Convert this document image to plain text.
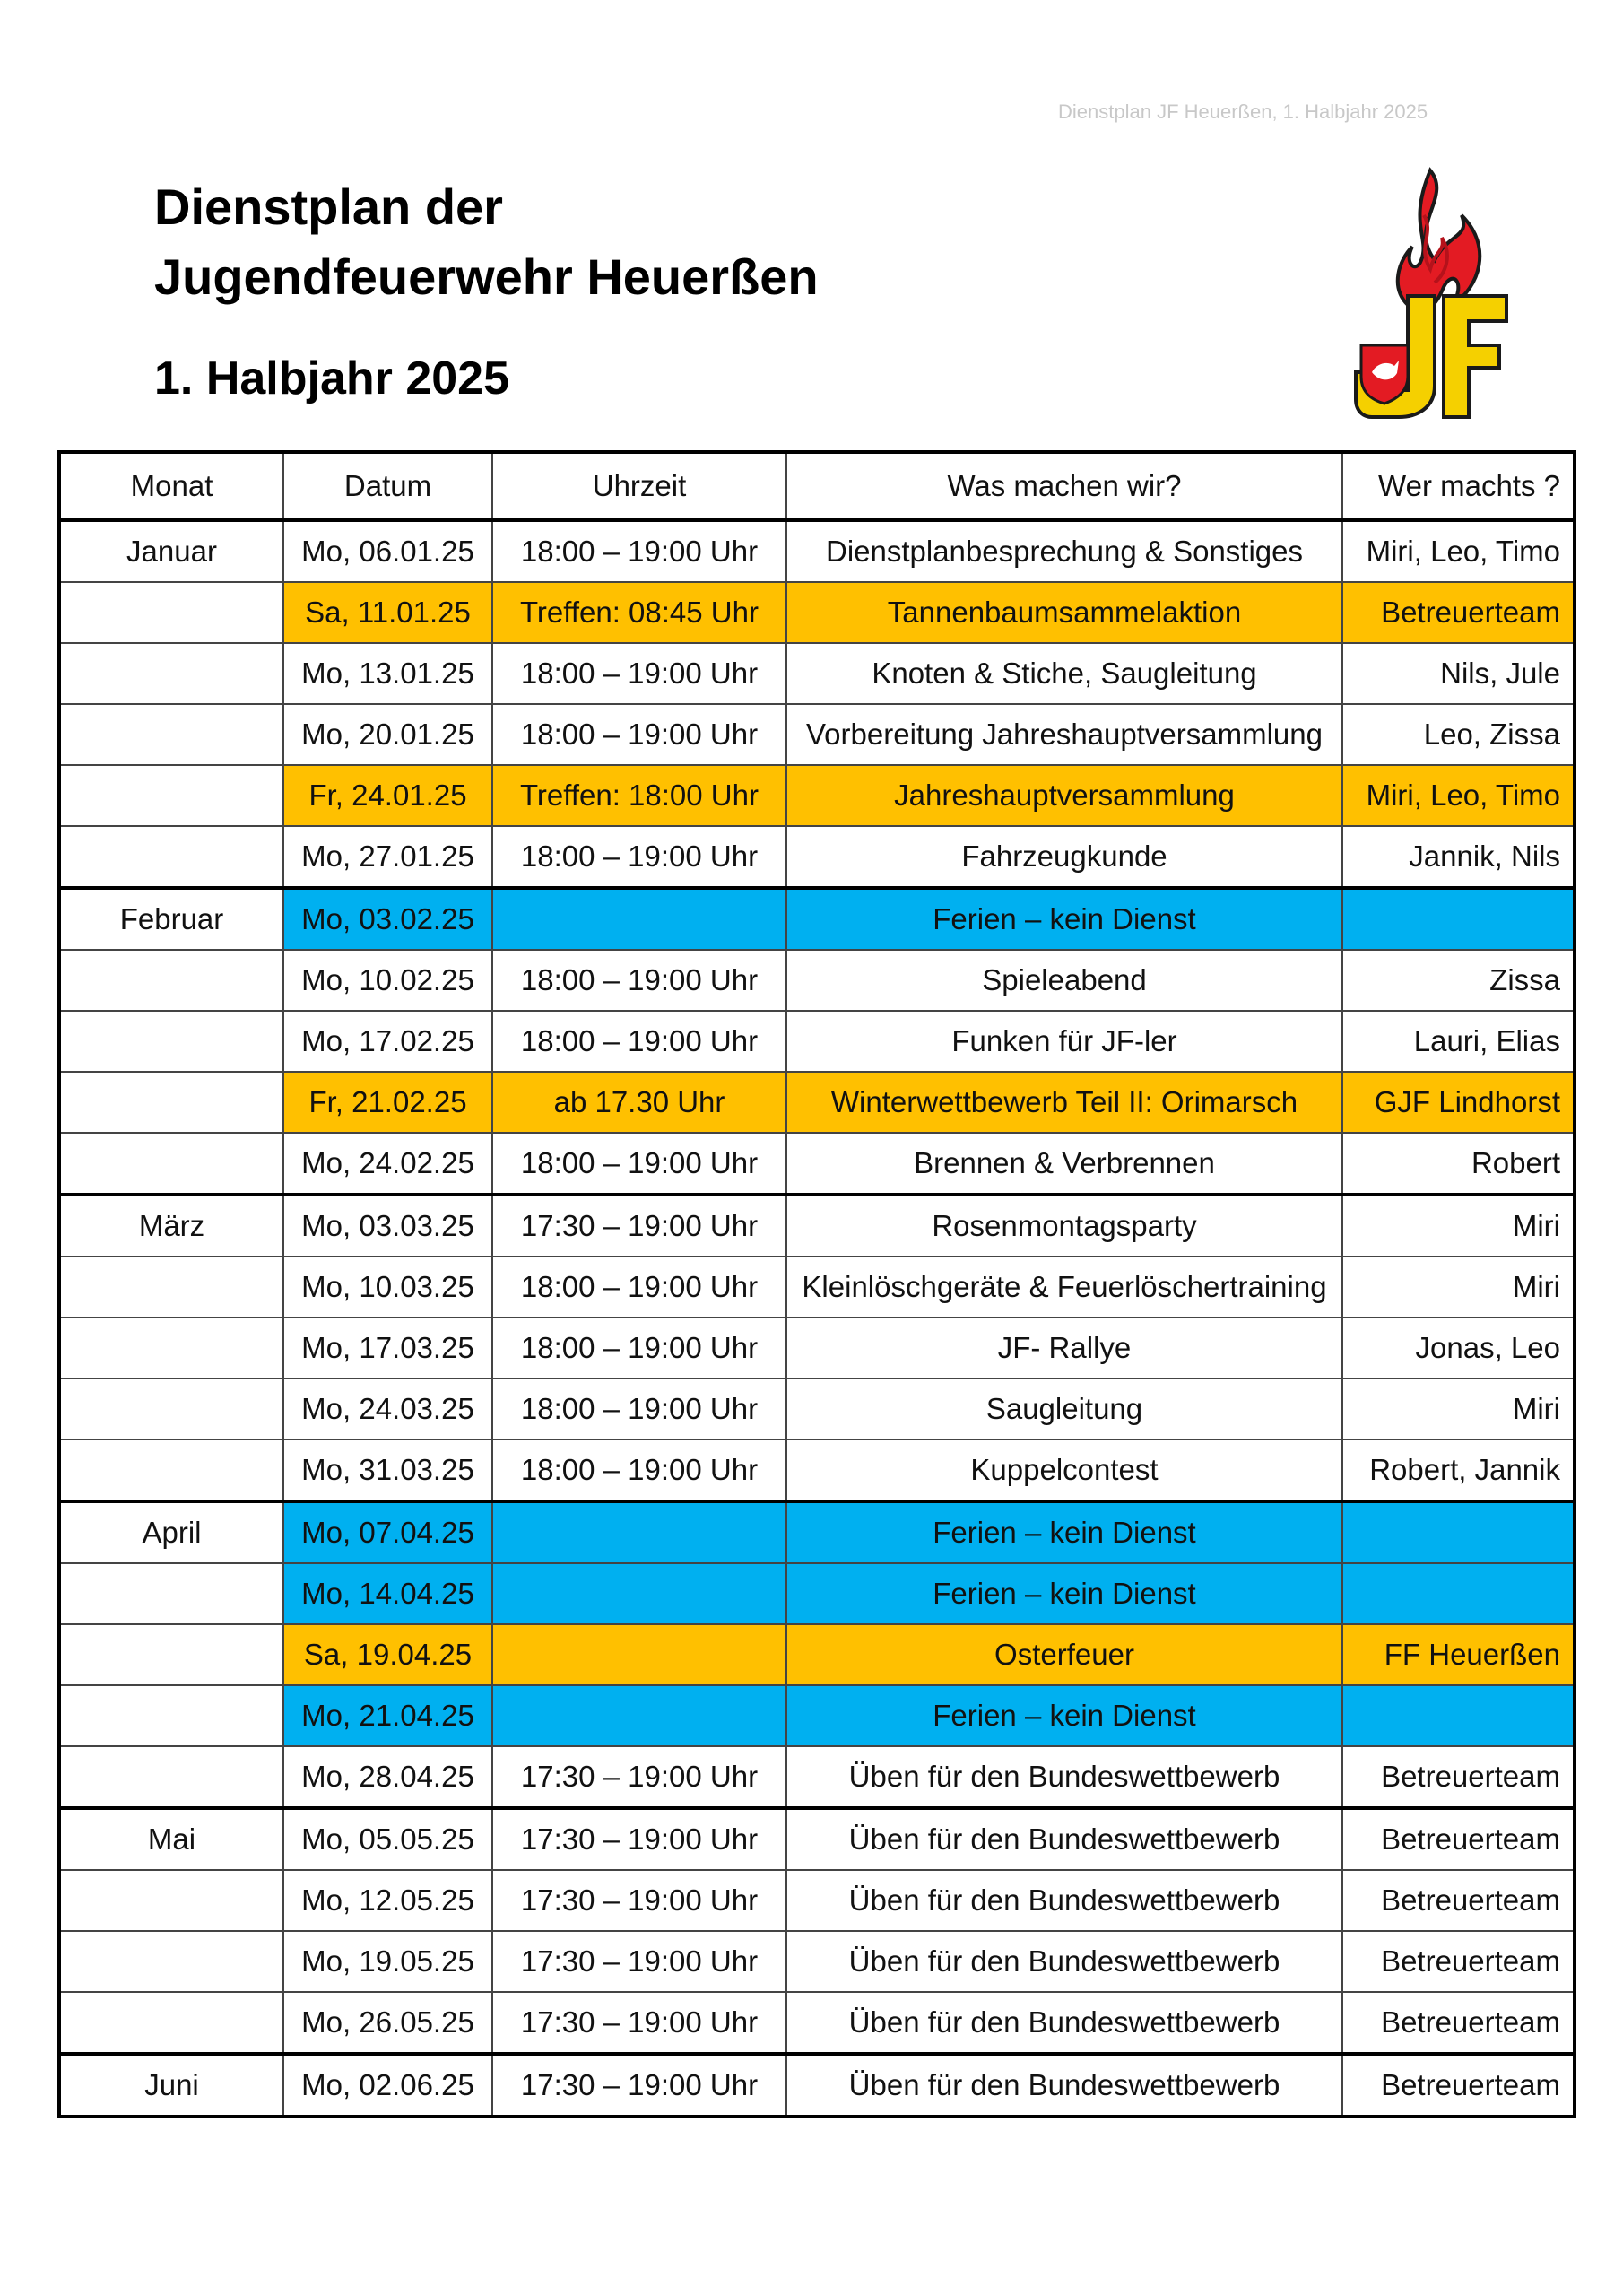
Dienstplan JF Heuerßen, 1. Halbjahr 2025
Dienstplan der
Jugendfeuerwehr Heuerßen
1. Halbjahr 2025
Monat	Datum	Uhrzeit	Was machen wir?	Wer machts ?
Januar	Mo, 06.01.25	18:00 – 19:00 Uhr	Dienstplanbesprechung & Sonstiges	Miri, Leo, Timo
	Sa, 11.01.25	Treffen: 08:45 Uhr	Tannenbaumsammelaktion	Betreuerteam
	Mo, 13.01.25	18:00 – 19:00 Uhr	Knoten & Stiche, Saugleitung	Nils, Jule
	Mo, 20.01.25	18:00 – 19:00 Uhr	Vorbereitung Jahreshauptversammlung	Leo, Zissa
	Fr, 24.01.25	Treffen: 18:00 Uhr	Jahreshauptversammlung	Miri, Leo, Timo
	Mo, 27.01.25	18:00 – 19:00 Uhr	Fahrzeugkunde	Jannik, Nils
Februar	Mo, 03.02.25		Ferien – kein Dienst	
	Mo, 10.02.25	18:00 – 19:00 Uhr	Spieleabend	Zissa
	Mo, 17.02.25	18:00 – 19:00 Uhr	Funken für JF-ler	Lauri, Elias
	Fr, 21.02.25	ab 17.30 Uhr	Winterwettbewerb Teil II: Orimarsch	GJF Lindhorst
	Mo, 24.02.25	18:00 – 19:00 Uhr	Brennen & Verbrennen	Robert
März	Mo, 03.03.25	17:30 – 19:00 Uhr	Rosenmontagsparty	Miri
	Mo, 10.03.25	18:00 – 19:00 Uhr	Kleinlöschgeräte & Feuerlöschertraining	Miri
	Mo, 17.03.25	18:00 – 19:00 Uhr	JF- Rallye	Jonas, Leo
	Mo, 24.03.25	18:00 – 19:00 Uhr	Saugleitung	Miri
	Mo, 31.03.25	18:00 – 19:00 Uhr	Kuppelcontest	Robert, Jannik
April	Mo, 07.04.25		Ferien – kein Dienst	
	Mo, 14.04.25		Ferien – kein Dienst	
	Sa, 19.04.25		Osterfeuer	FF Heuerßen
	Mo, 21.04.25		Ferien – kein Dienst	
	Mo, 28.04.25	17:30 – 19:00 Uhr	Üben für den Bundeswettbewerb	Betreuerteam
Mai	Mo, 05.05.25	17:30 – 19:00 Uhr	Üben für den Bundeswettbewerb	Betreuerteam
	Mo, 12.05.25	17:30 – 19:00 Uhr	Üben für den Bundeswettbewerb	Betreuerteam
	Mo, 19.05.25	17:30 – 19:00 Uhr	Üben für den Bundeswettbewerb	Betreuerteam
	Mo, 26.05.25	17:30 – 19:00 Uhr	Üben für den Bundeswettbewerb	Betreuerteam
Juni	Mo, 02.06.25	17:30 – 19:00 Uhr	Üben für den Bundeswettbewerb	Betreuerteam
